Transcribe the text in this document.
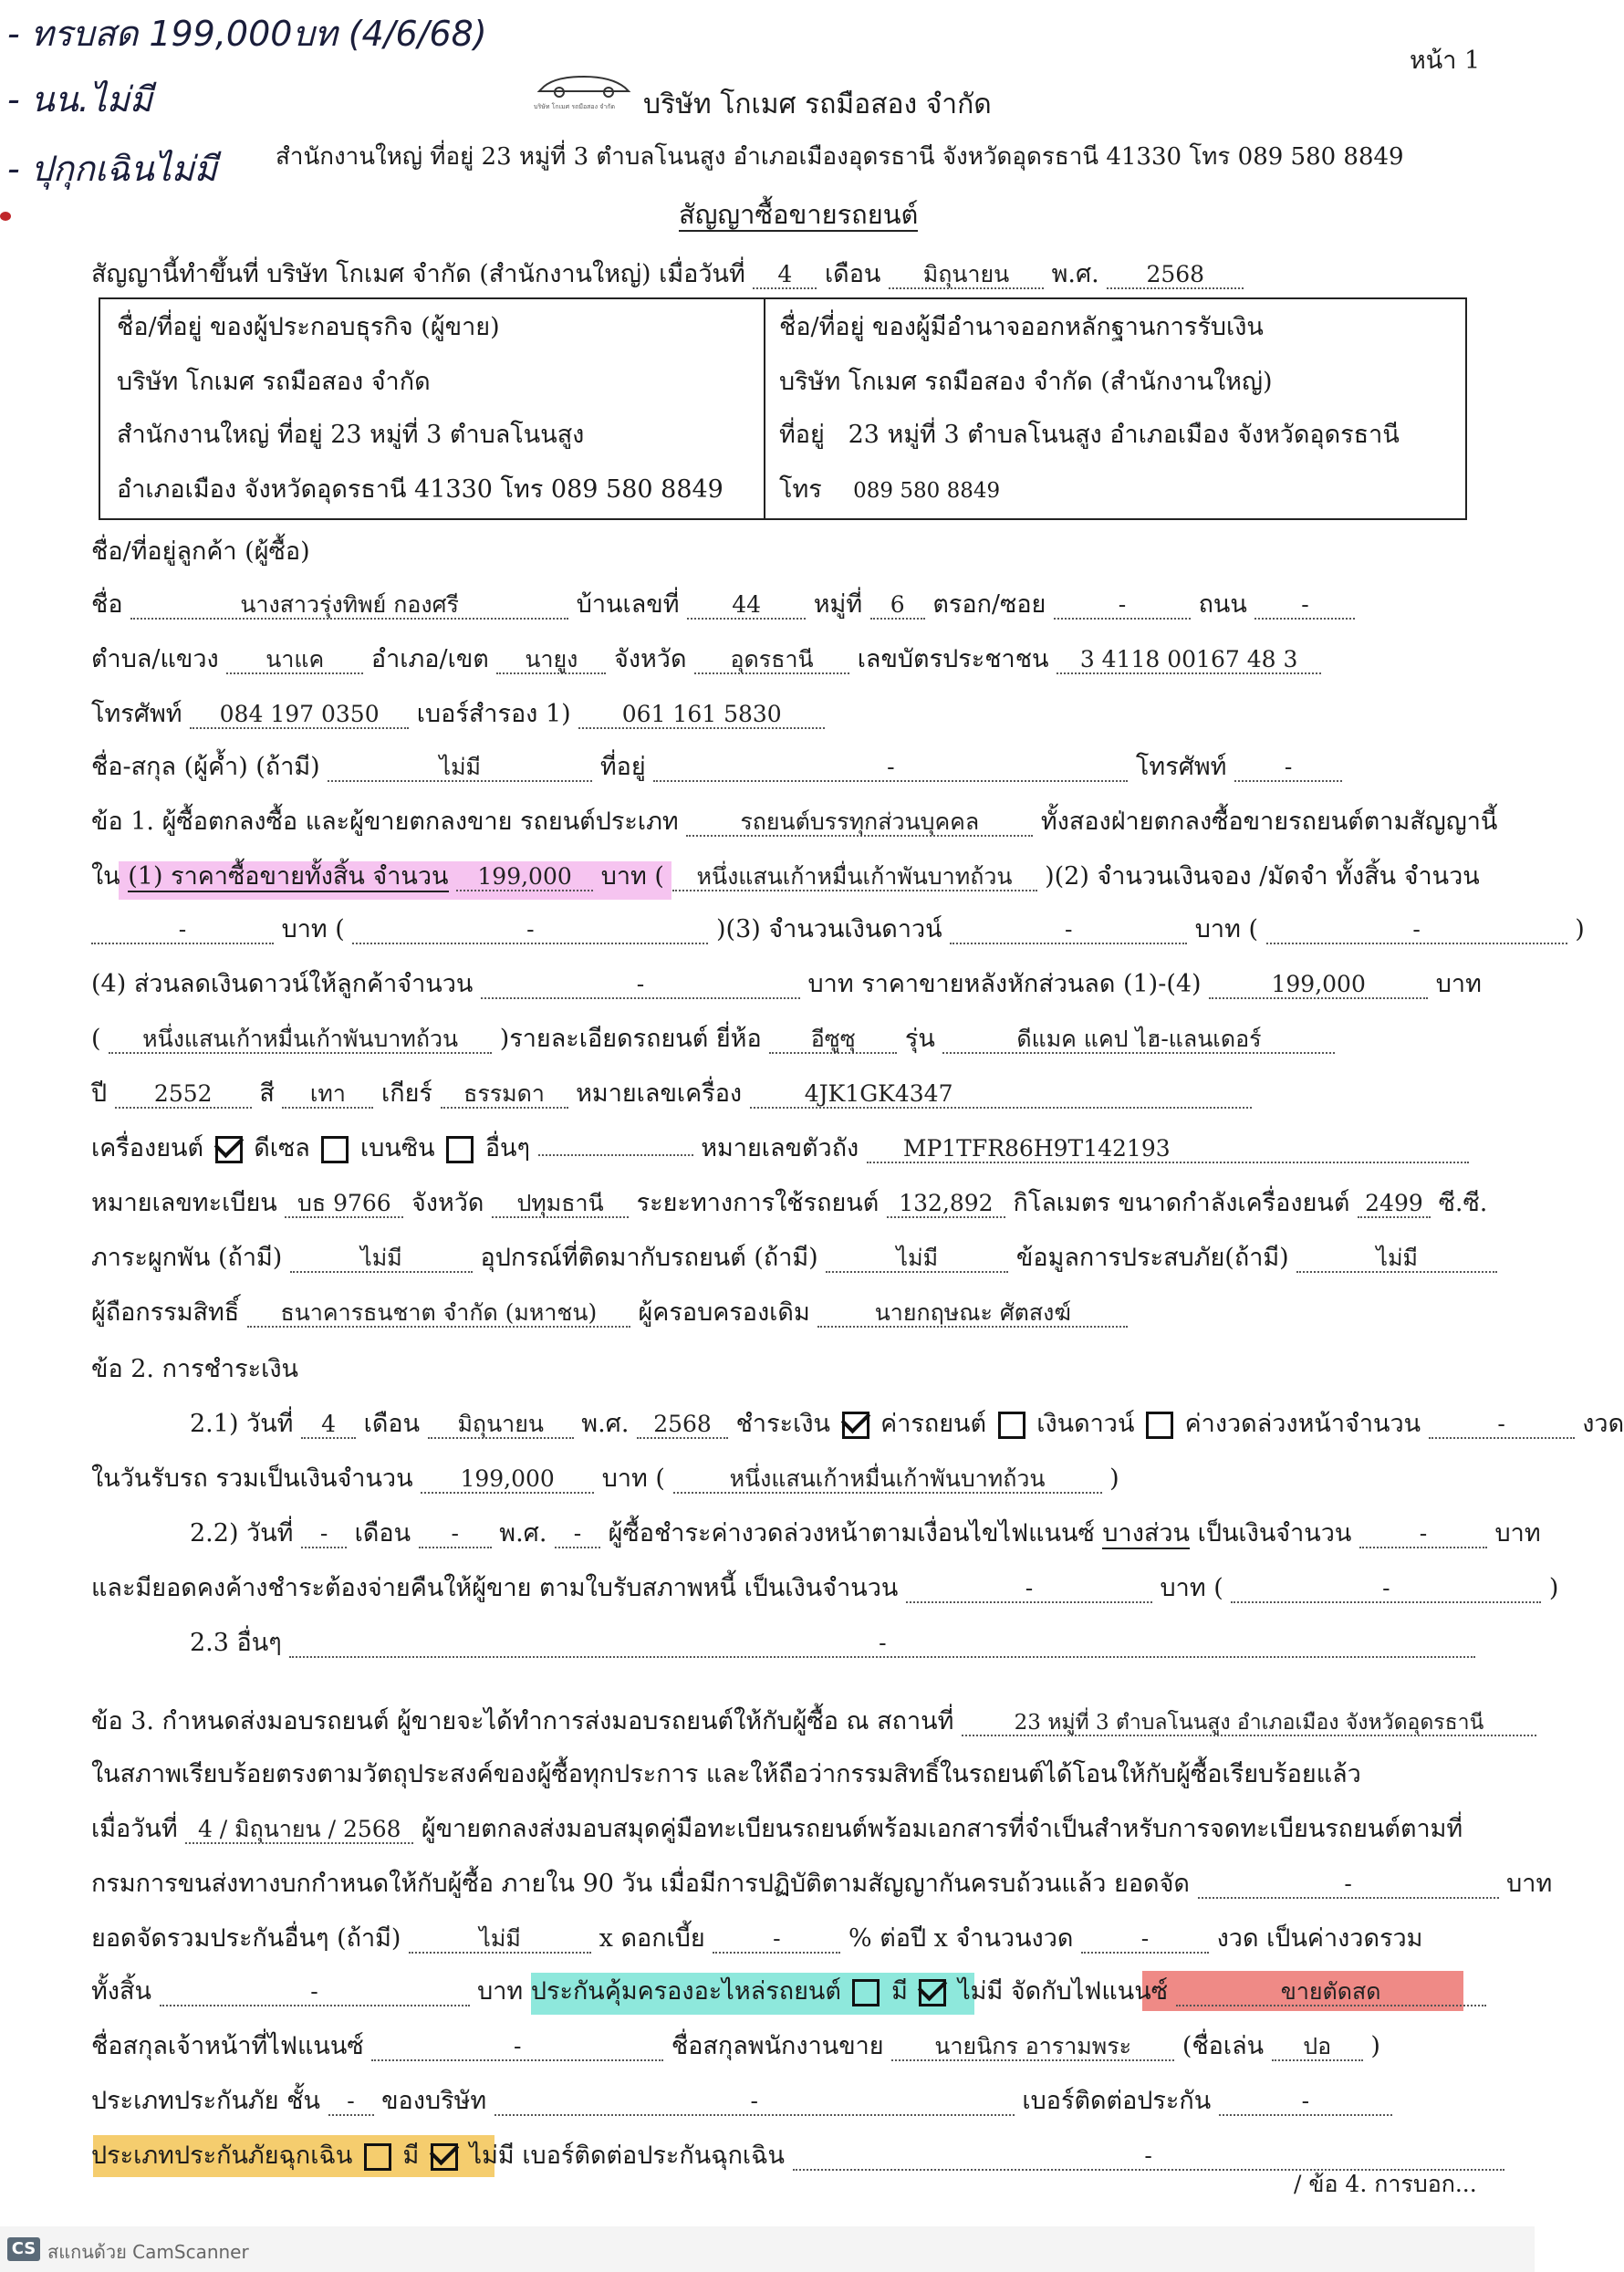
- ทรบสด 199,000บท (4/6/68)
- นน.ไม่มี
- ปุกุกเฉินไม่มี
หน้า 1
บริษัท โกเมศ รถมือสอง จำกัด บริษัท โกเมศ รถมือสอง จำกัด
สำนักงานใหญ่ ที่อยู่ 23 หมู่ที่ 3 ตำบลโนนสูง อำเภอเมืองอุดรธานี จังหวัดอุดรธานี 41330 โทร 089 580 8849
สัญญาซื้อขายรถยนต์
สัญญานี้ทำขึ้นที่ บริษัท โกเมศ จำกัด (สำนักงานใหญ่) เมื่อวันที่ 4 เดือน มิถุนายน พ.ศ. 2568
ชื่อ/ที่อยู่ ของผู้ประกอบธุรกิจ (ผู้ขาย)
บริษัท โกเมศ รถมือสอง จำกัด
สำนักงานใหญ่ ที่อยู่ 23 หมู่ที่ 3 ตำบลโนนสูง
อำเภอเมือง จังหวัดอุดรธานี 41330 โทร 089 580 8849
ชื่อ/ที่อยู่ ของผู้มีอำนาจออกหลักฐานการรับเงิน
บริษัท โกเมศ รถมือสอง จำกัด (สำนักงานใหญ่)
ที่อยู่ 23 หมู่ที่ 3 ตำบลโนนสูง อำเภอเมือง จังหวัดอุดรธานี
โทร 089 580 8849
ชื่อ/ที่อยู่ลูกค้า (ผู้ซื้อ)
ชื่อ	นางสาวรุ่งทิพย์ กองศรี	บ้านเลขที่ 44 หมู่ที่ 6 ตรอก/ซอย	-	ถนน -
ตำบล/แขวง นาแค อำเภอ/เขต นายูง จังหวัด อุดรธานี เลขบัตรประชาชน 3 4118 00167 48 3
โทรศัพท์ 084 197 0350 เบอร์สำรอง 1) 061 161 5830
ชื่อ-สกุล (ผู้ค้ำ) (ถ้ามี)	ไม่มี	ที่อยู่	-	โทรศัพท์	-
ข้อ 1. ผู้ซื้อตกลงซื้อ และผู้ขายตกลงขาย รถยนต์ประเภท	รถยนต์บรรทุกส่วนบุคคล	ทั้งสองฝ่ายตกลงซื้อขายรถยนต์ตามสัญญานี้
ใน (1) ราคาซื้อขายทั้งสิ้น จำนวน 199,000 บาท ( หนึ่งแสนเก้าหมื่นเก้าพันบาทถ้วน )(2) จำนวนเงินจอง /มัดจำ ทั้งสิ้น จำนวน
-	บาท (	-	)(3) จำนวนเงินดาวน์	-	บาท (	-	)
(4) ส่วนลดเงินดาวน์ให้ลูกค้าจำนวน	-	บาท ราคาขายหลังหักส่วนลด (1)-(4)	199,000	บาท
( หนึ่งแสนเก้าหมื่นเก้าพันบาทถ้วน )รายละเอียดรถยนต์ ยี่ห้อ อีซูซุ รุ่น	ดีแมค แคป ไฮ-แลนเดอร์
ปี 2552 สี เทา เกียร์ ธรรมดา หมายเลขเครื่อง	4JK1GK4347
เครื่องยนต์ ดีเซล เบนซิน อื่นๆ	หมายเลขตัวถัง MP1TFR86H9T142193
หมายเลขทะเบียน บธ 9766 จังหวัด ปทุมธานี ระยะทางการใช้รถยนต์ 132,892 กิโลเมตร ขนาดกำลังเครื่องยนต์ 2499 ซี.ซี.
ภาระผูกพัน (ถ้ามี)	ไม่มี	อุปกรณ์ที่ติดมากับรถยนต์ (ถ้ามี)	ไม่มี	ข้อมูลการประสบภัย(ถ้ามี)	ไม่มี
ผู้ถือกรรมสิทธิ์ ธนาคารธนชาต จำกัด (มหาชน) ผู้ครอบครองเดิม	นายกฤษณะ ศัตสงฆ์
ข้อ 2. การชำระเงิน
2.1) วันที่ 4 เดือน มิถุนายน พ.ศ. 2568 ชำระเงิน ค่ารถยนต์ เงินดาวน์ ค่างวดล่วงหน้าจำนวน	-	งวด
ในวันรับรถ รวมเป็นเงินจำนวน 199,000 บาท (	หนึ่งแสนเก้าหมื่นเก้าพันบาทถ้วน	)
2.2) วันที่ - เดือน - พ.ศ. - ผู้ซื้อชำระค่างวดล่วงหน้าตามเงื่อนไขไฟแนนซ์ บางส่วน เป็นเงินจำนวน	-	บาท
และมียอดคงค้างชำระต้องจ่ายคืนให้ผู้ขาย ตามใบรับสภาพหนี้ เป็นเงินจำนวน	-	บาท (	-	)
2.3 อื่นๆ	-
ข้อ 3. กำหนดส่งมอบรถยนต์ ผู้ขายจะได้ทำการส่งมอบรถยนต์ให้กับผู้ซื้อ ณ สถานที่	23 หมู่ที่ 3 ตำบลโนนสูง อำเภอเมือง จังหวัดอุดรธานี
ในสภาพเรียบร้อยตรงตามวัตถุประสงค์ของผู้ซื้อทุกประการ และให้ถือว่ากรรมสิทธิ์ในรถยนต์ได้โอนให้กับผู้ซื้อเรียบร้อยแล้ว
เมื่อวันที่ 4 / มิถุนายน / 2568 ผู้ขายตกลงส่งมอบสมุดคู่มือทะเบียนรถยนต์พร้อมเอกสารที่จำเป็นสำหรับการจดทะเบียนรถยนต์ตามที่
กรมการขนส่งทางบกกำหนดให้กับผู้ซื้อ ภายใน 90 วัน เมื่อมีการปฏิบัติตามสัญญากันครบถ้วนแล้ว ยอดจัด	-	บาท
ยอดจัดรวมประกันอื่นๆ (ถ้ามี)	ไม่มี	x ดอกเบี้ย	-	% ต่อปี x จำนวนงวด	-	งวด เป็นค่างวดรวม
ทั้งสิ้น	-	บาท ประกันคุ้มครองอะไหล่รถยนต์ มี ไม่มี จัดกับไฟแนนซ์	ขายตัดสด
ชื่อสกุลเจ้าหน้าที่ไฟแนนซ์	-	ชื่อสกุลพนักงานขาย นายนิกร อารามพระ (ชื่อเล่น ปอ )
ประเภทประกันภัย ชั้น - ของบริษัท	-	เบอร์ติดต่อประกัน	-
ประเภทประกันภัยฉุกเฉิน มี ไม่มี เบอร์ติดต่อประกันฉุกเฉิน	-
/ ข้อ 4. การบอก...
CS สแกนด้วย CamScanner
